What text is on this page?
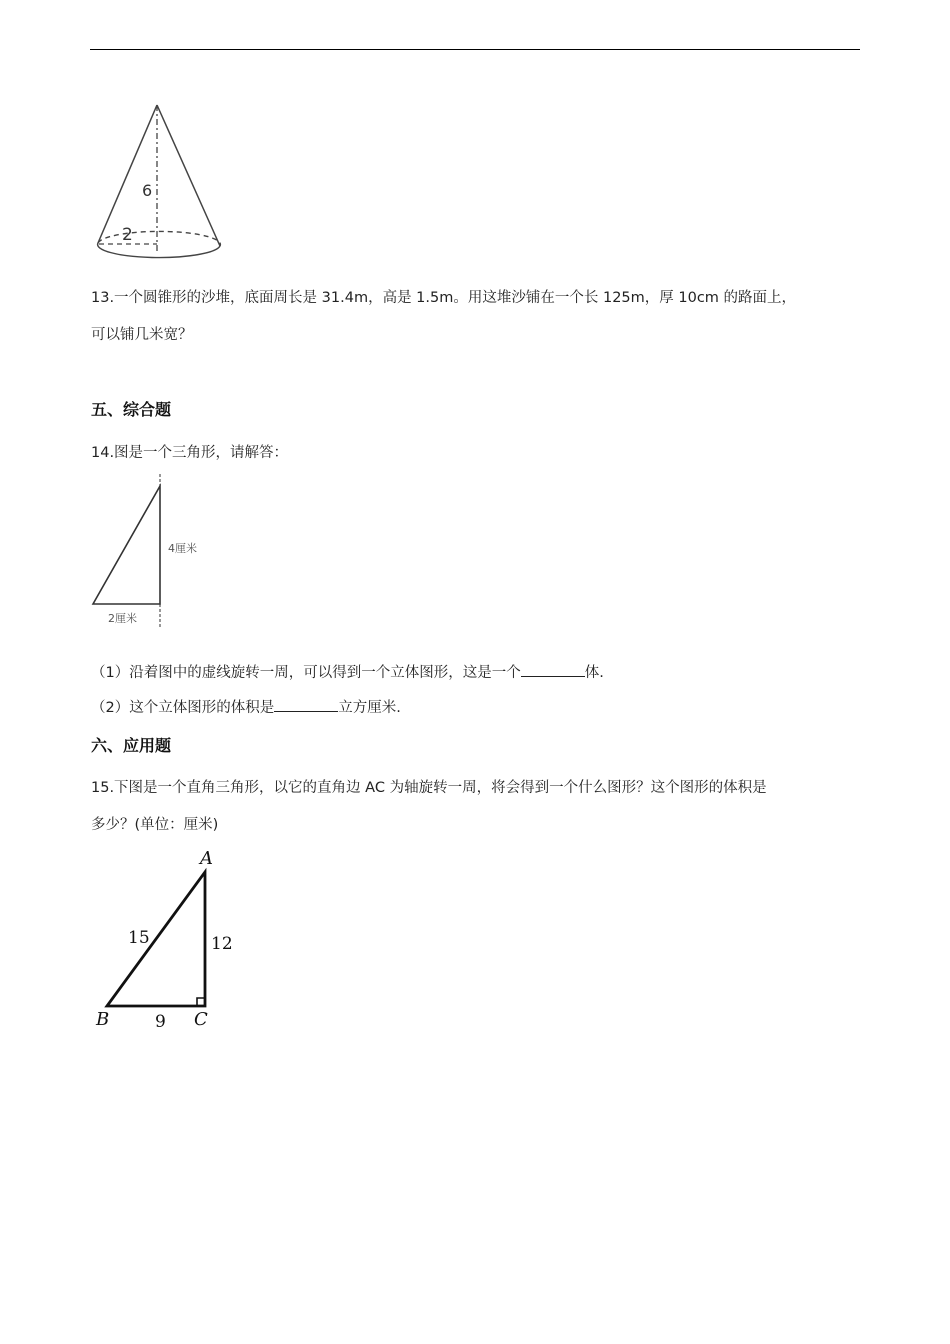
6
2
13.一个圆锥形的沙堆，底面周长是 31.4m，高是 1.5m。用这堆沙铺在一个长 125m，厚 10cm 的路面上，
可以铺几米宽？
五、综合题
14.图是一个三角形，请解答：
4厘米
2厘米
（1）沿着图中的虚线旋转一周，可以得到一个立体图形，这是一个	体.
（2）这个立体图形的体积是	立方厘米.
六、应用题
15.下图是一个直角三角形，以它的直角边 AC 为轴旋转一周，将会得到一个什么图形？这个图形的体积是
多少？(单位：厘米)
A
B	C
15	12
9
